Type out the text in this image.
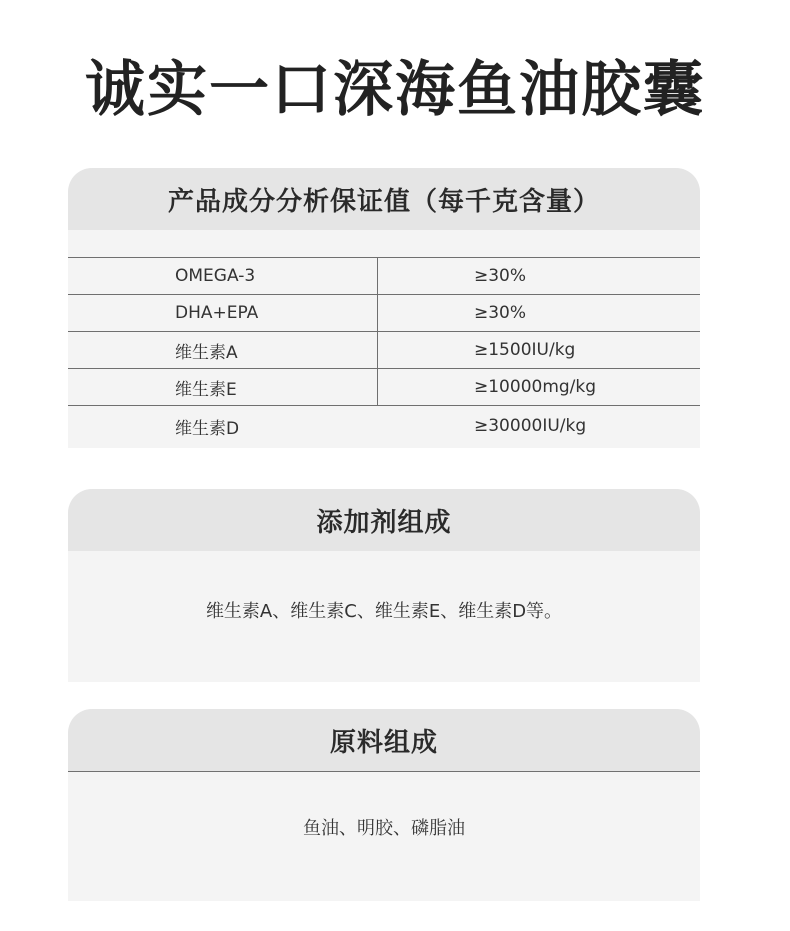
诚实一口深海鱼油胶囊
产品成分分析保证值（每千克含量）
OMEGA-3	≥30%
DHA+EPA	≥30%
维生素A	≥1500IU/kg
维生素E	≥10000mg/kg
维生素D	≥30000IU/kg
添加剂组成
维生素A、维生素C、维生素E、维生素D等。
原料组成
鱼油、明胶、磷脂油
